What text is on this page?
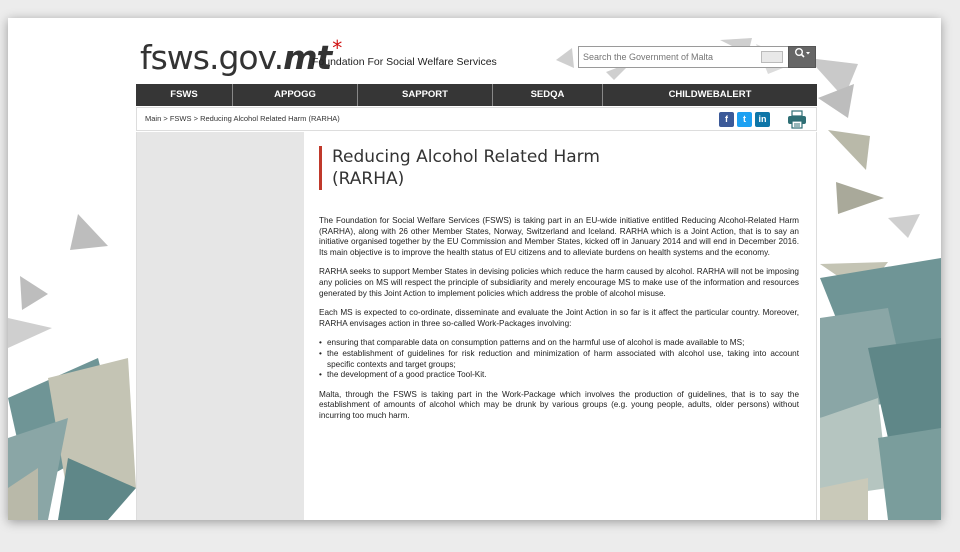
fsws.gov.mt*
Foundation For Social Welfare Services
Search the Government of Malta
FSWS	APPOGG	SAPPORT	SEDQA	CHILDWEBALERT
Main > FSWS > Reducing Alcohol Related Harm (RARHA)	f	t	in
Reducing Alcohol Related Harm
(RARHA)

The Foundation for Social Welfare Services (FSWS) is taking part in an EU-wide initiative entitled Reducing Alcohol-Related Harm (RARHA), along with 26 other Member States, Norway, Switzerland and Iceland. RARHA which is a Joint Action, that is to say an initiative organised together by the EU Commission and Member States, kicked off in January 2014 and will end in December 2016. Its main objective is to improve the health status of EU citizens and to alleviate burdens on health systems and the economy.

RARHA seeks to support Member States in devising policies which reduce the harm caused by alcohol. RARHA will not be imposing any policies on MS will respect the principle of subsidiarity and merely encourage MS to make use of the information and resources generated by this Joint Action to implement policies which address the proble of alcohol misuse.

Each MS is expected to co-ordinate, disseminate and evaluate the Joint Action in so far is it affect the particular country. Moreover, RARHA envisages action in three so-called Work-Packages involving:

• ensuring that comparable data on consumption patterns and on the harmful use of alcohol is made available to MS;
• the establishment of guidelines for risk reduction and minimization of harm associated with alcohol use, taking into account specific contexts and target groups;
• the development of a good practice Tool-Kit.

Malta, through the FSWS is taking part in the Work-Package which involves the production of guidelines, that is to say the establishment of amounts of alcohol which may be drunk by various groups (e.g. young people, adults, older persons) without incurring too much harm.
